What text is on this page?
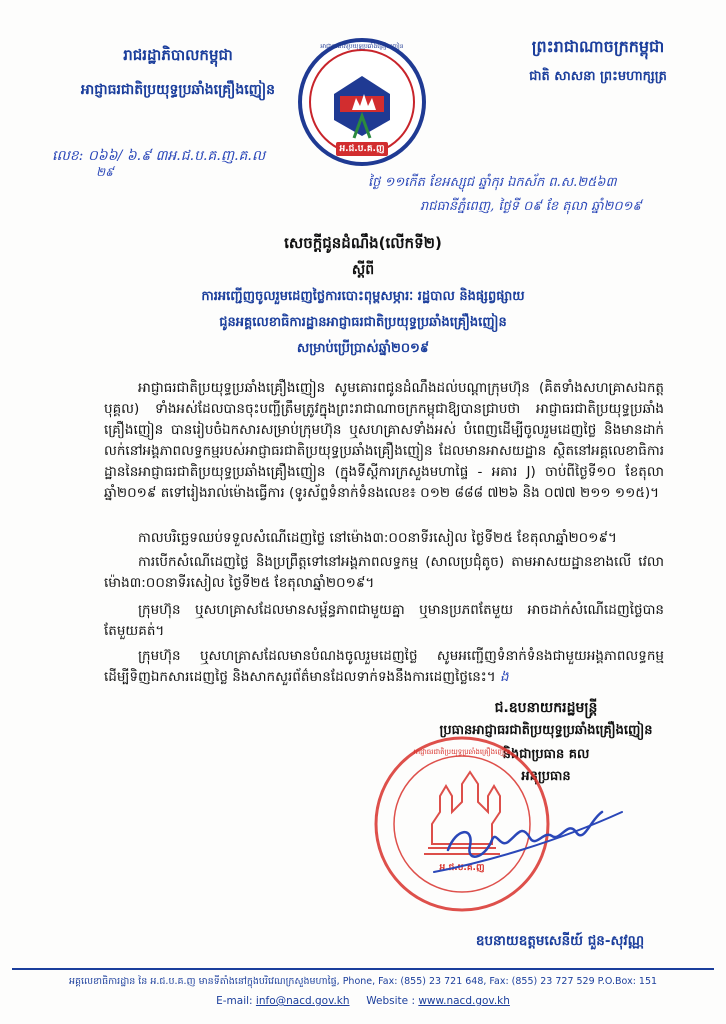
រាជរដ្ឋាភិបាលកម្ពុជា
អាជ្ញាធរជាតិប្រយុទ្ធប្រឆាំងគ្រឿងញៀន
ព្រះរាជាណាចក្រកម្ពុជា
ជាតិ សាសនា ព្រះមហាក្សត្រ
អាជ្ញាធរជាតិប្រយុទ្ធប្រឆាំងគ្រឿងញៀន
អ.ជ.ប.គ.ញ
លេខ: ០៦៦/ ៦.៩ ៣អ.ជ.ប.គ.ញ.គ.ល
២៩
ថ្ងៃ ១១កើត ខែអស្សុជ ឆ្នាំកុរ ឯកស័ក ព.ស.២៥៦៣
រាជធានីភ្នំពេញ, ថ្ងៃទី ០៩ ខែ តុលា ឆ្នាំ២០១៩
សេចក្តីជូនដំណឹង(លើកទី២)
ស្តីពី
ការអញ្ជើញចូលរួមដេញថ្លៃការបោះពុម្ពសម្ភារៈ រដ្ឋបាល និងផ្សព្វផ្សាយ
ជូនអគ្គលេខាធិការដ្ឋានអាជ្ញាធរជាតិប្រយុទ្ធប្រឆាំងគ្រឿងញៀន
សម្រាប់ប្រើប្រាស់ឆ្នាំ២០១៩
អាជ្ញាធរជាតិប្រយុទ្ធប្រឆាំងគ្រឿងញៀន សូមគោរពជូនដំណឹងដល់បណ្តាក្រុមហ៊ុន (គិតទាំងសហគ្រាសឯកត្តបុគ្គល) ទាំងអស់ដែលបានចុះបញ្ជីត្រឹមត្រូវក្នុងព្រះរាជាណាចក្រកម្ពុជាឱ្យបានជ្រាបថា អាជ្ញាធរជាតិប្រយុទ្ធប្រឆាំងគ្រឿងញៀន បានរៀបចំឯកសារសម្រាប់ក្រុមហ៊ុន ឬសហគ្រាសទាំងអស់ បំពេញដើម្បីចូលរួមដេញថ្លៃ និងមានដាក់លក់នៅអង្គភាពលទ្ធកម្មរបស់អាជ្ញាធរជាតិប្រយុទ្ធប្រឆាំងគ្រឿងញៀន ដែលមានអាសយដ្ឋាន ស្ថិតនៅអគ្គលេខាធិការដ្ឋាននៃអាជ្ញាធរជាតិប្រយុទ្ធប្រឆាំងគ្រឿងញៀន (ក្នុងទីស្តីការក្រសួងមហាផ្ទៃ - អគារ J) ចាប់ពីថ្ងៃទី១០ ខែតុលា ឆ្នាំ២០១៩ តទៅរៀងរាល់ម៉ោងធ្វើការ (ទូរស័ព្ទទំនាក់ទំនងលេខ៖ ០១២ ៨៨៨ ៧២៦ និង ០៧៧ ២១១ ១១៥)។
កាលបរិច្ឆេទឈប់ទទួលសំណើដេញថ្លៃ នៅម៉ោង៣:០០នាទីរសៀល ថ្ងៃទី២៥ ខែតុលាឆ្នាំ២០១៩។
ការបើកសំណើដេញថ្លៃ និងប្រព្រឹត្តទៅនៅអង្គភាពលទ្ធកម្ម (សាលប្រជុំតូច) តាមអាសយដ្ឋានខាងលើ វេលាម៉ោង៣:០០នាទីរសៀល ថ្ងៃទី២៥ ខែតុលាឆ្នាំ២០១៩។
ក្រុមហ៊ុន ឬសហគ្រាសដែលមានសម្ព័ន្ធភាពជាមួយគ្នា ឬមានប្រភពតែមួយ អាចដាក់សំណើដេញថ្លៃបានតែមួយគត់។
ក្រុមហ៊ុន ឬសហគ្រាសដែលមានបំណងចូលរួមដេញថ្លៃ សូមអញ្ជើញទំនាក់ទំនងជាមួយអង្គភាពលទ្ធកម្ម ដើម្បីទិញឯកសារដេញថ្លៃ និងសាកសួរព័ត៌មានដែលទាក់ទងនឹងការដេញថ្លៃនេះ។ ង
ជ.ឧបនាយករដ្ឋមន្ត្រី
ប្រធានអាជ្ញាធរជាតិប្រយុទ្ធប្រឆាំងគ្រឿងញៀន
និងជាប្រធាន គល
អនុប្រធាន
អាជ្ញាធរជាតិប្រយុទ្ធប្រឆាំងគ្រឿងញៀន
អ.ជ.ប.គ.ញ
ឧបនាយឧត្តមសេនីយ៍ ជួន-សុវណ្ណ
អគ្គលេខាធិការដ្ឋាន នៃ អ.ជ.ប.គ.ញ មានទីតាំងនៅក្នុងបរិវេណក្រសួងមហាផ្ទៃ, Phone, Fax: (855) 23 721 648, Fax: (855) 23 727 529 P.O.Box: 151
E-mail: info@nacd.gov.kh Website : www.nacd.gov.kh
